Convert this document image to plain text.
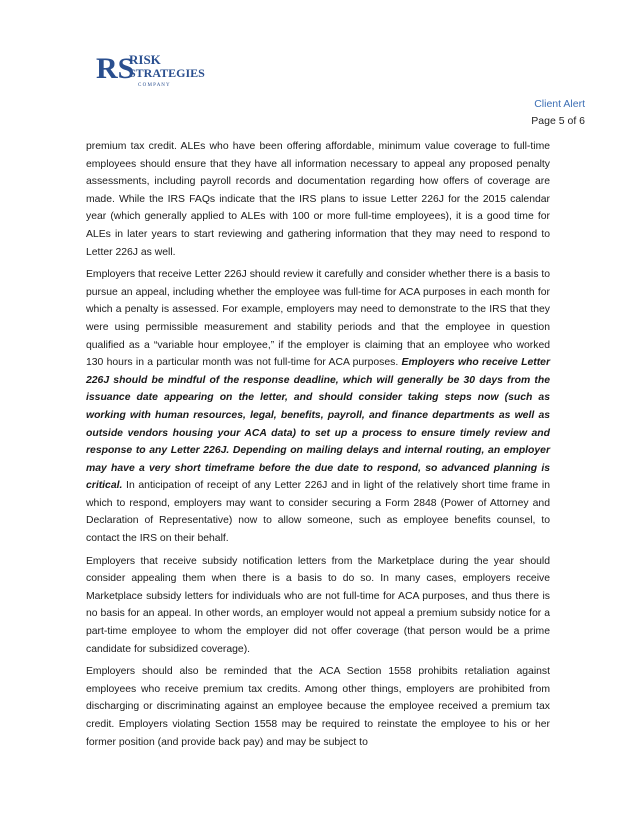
RS
RISK
STRATEGIES
C O M P A N Y
Client Alert
Page 5 of 6

premium tax credit. ALEs who have been offering affordable, minimum value coverage to full-time employees should ensure that they have all information necessary to appeal any proposed penalty assessments, including payroll records and documentation regarding how offers of coverage are made. While the IRS FAQs indicate that the IRS plans to issue Letter 226J for the 2015 calendar year (which generally applied to ALEs with 100 or more full-time employees), it is a good time for ALEs in later years to start reviewing and gathering information that they may need to respond to Letter 226J as well.

Employers that receive Letter 226J should review it carefully and consider whether there is a basis to pursue an appeal, including whether the employee was full-time for ACA purposes in each month for which a penalty is assessed. For example, employers may need to demonstrate to the IRS that they were using permissible measurement and stability periods and that the employee in question qualified as a “variable hour employee,” if the employer is claiming that an employee who worked 130 hours in a particular month was not full-time for ACA purposes. Employers who receive Letter 226J should be mindful of the response deadline, which will generally be 30 days from the issuance date appearing on the letter, and should consider taking steps now (such as working with human resources, legal, benefits, payroll, and finance departments as well as outside vendors housing your ACA data) to set up a process to ensure timely review and response to any Letter 226J. Depending on mailing delays and internal routing, an employer may have a very short timeframe before the due date to respond, so advanced planning is critical. In anticipation of receipt of any Letter 226J and in light of the relatively short time frame in which to respond, employers may want to consider securing a Form 2848 (Power of Attorney and Declaration of Representative) now to allow someone, such as employee benefits counsel, to contact the IRS on their behalf.

Employers that receive subsidy notification letters from the Marketplace during the year should consider appealing them when there is a basis to do so. In many cases, employers receive Marketplace subsidy letters for individuals who are not full-time for ACA purposes, and thus there is no basis for an appeal. In other words, an employer would not appeal a premium subsidy notice for a part-time employee to whom the employer did not offer coverage (that person would be a prime candidate for subsidized coverage).

Employers should also be reminded that the ACA Section 1558 prohibits retaliation against employees who receive premium tax credits. Among other things, employers are prohibited from discharging or discriminating against an employee because the employee received a premium tax credit. Employers violating Section 1558 may be required to reinstate the employee to his or her former position (and provide back pay) and may be subject to
